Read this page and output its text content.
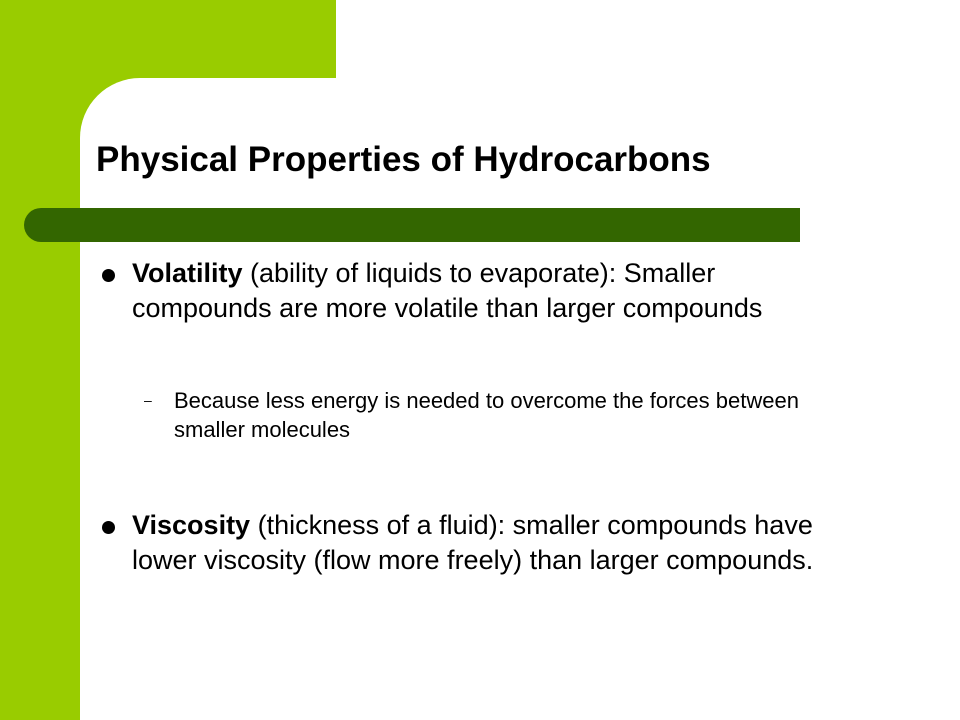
Physical Properties of Hydrocarbons
Volatility (ability of liquids to evaporate): Smaller compounds are more volatile than larger compounds
– Because less energy is needed to overcome the forces between smaller molecules
Viscosity (thickness of a fluid): smaller compounds have lower viscosity (flow more freely) than larger compounds.
